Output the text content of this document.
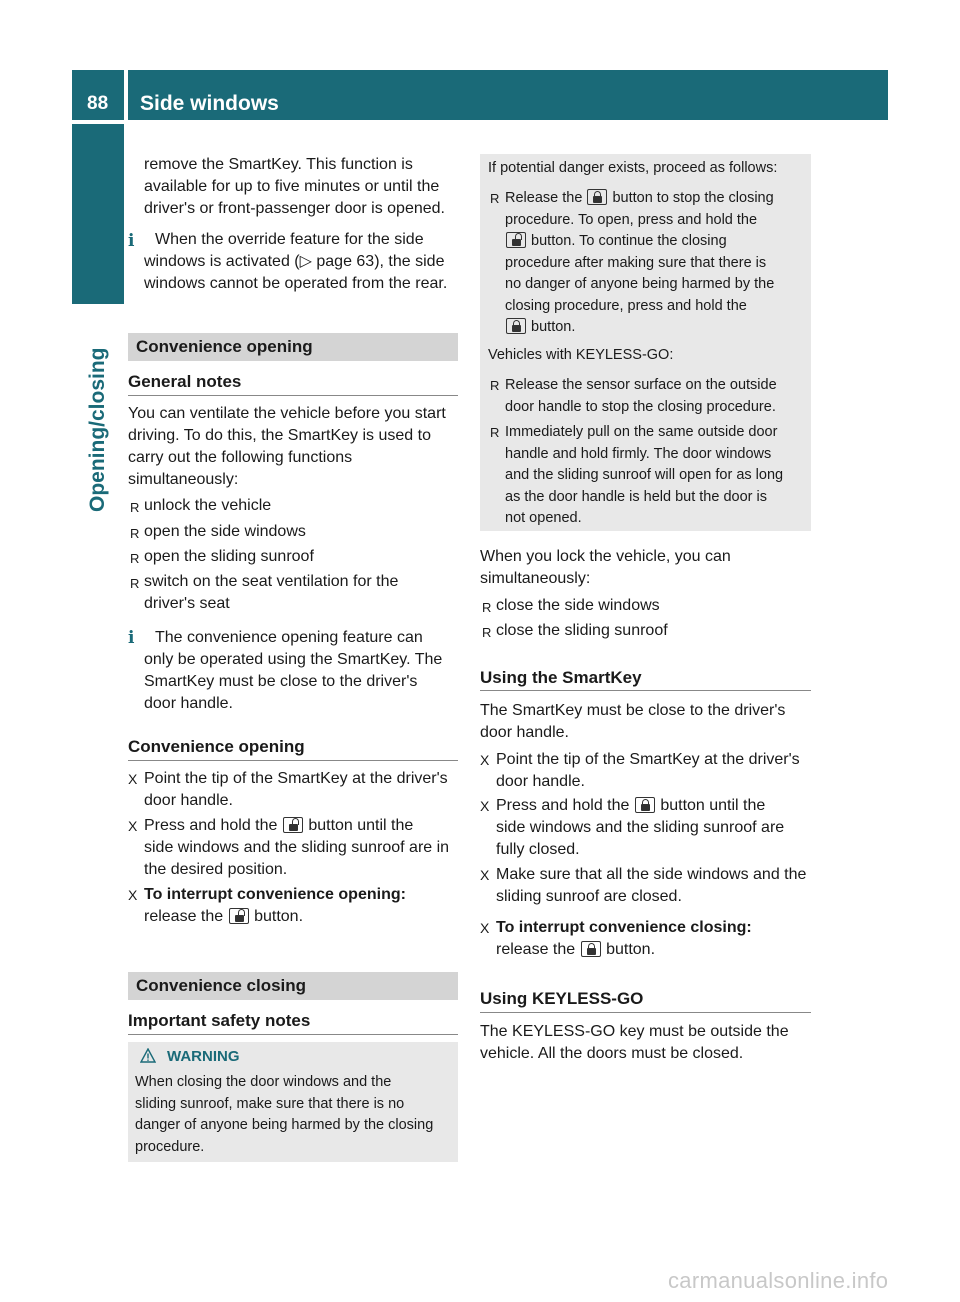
88 Side windows
Opening/closing

remove the SmartKey. This function is

available for up to five minutes or until the

driver's or front-passenger door is opened.

i	When the override feature for the side

windows is activated (▷ page 63), the side

windows cannot be operated from the rear.

Convenience opening
General notes

You can ventilate the vehicle before you start

driving. To do this, the SmartKey is used to

carry out the following functions

simultaneously:

R unlock the vehicle

R open the side windows

R open the sliding sunroof

R switch on the seat ventilation for the

driver's seat

i	The convenience opening feature can

only be operated using the SmartKey. The

SmartKey must be close to the driver's

door handle.

Convenience opening
X Point the tip of the SmartKey at the driver's

door handle.

X Press and hold the button until the

side windows and the sliding sunroof are in

the desired position.

X To interrupt convenience opening:

release the button.

Convenience closing
Important safety notes
WARNING

When closing the door windows and the

sliding sunroof, make sure that there is no

danger of anyone being harmed by the closing

procedure.

If potential danger exists, proceed as follows:
R Release the button to stop the closing

procedure. To open, press and hold the

button. To continue the closing

procedure after making sure that there is

no danger of anyone being harmed by the

closing procedure, press and hold the

button.

Vehicles with KEYLESS-GO:
R Release the sensor surface on the outside

door handle to stop the closing procedure.

R Immediately pull on the same outside door

handle and hold firmly. The door windows

and the sliding sunroof will open for as long

as the door handle is held but the door is

not opened.

When you lock the vehicle, you can

simultaneously:

R close the side windows

R close the sliding sunroof

Using the SmartKey

The SmartKey must be close to the driver's

door handle.

X Point the tip of the SmartKey at the driver's

door handle.

X Press and hold the button until the

side windows and the sliding sunroof are

fully closed.

X Make sure that all the side windows and the

sliding sunroof are closed.

X To interrupt convenience closing:

release the button.

Using KEYLESS-GO

The KEYLESS-GO key must be outside the

vehicle. All the doors must be closed.

carmanualsonline.info
